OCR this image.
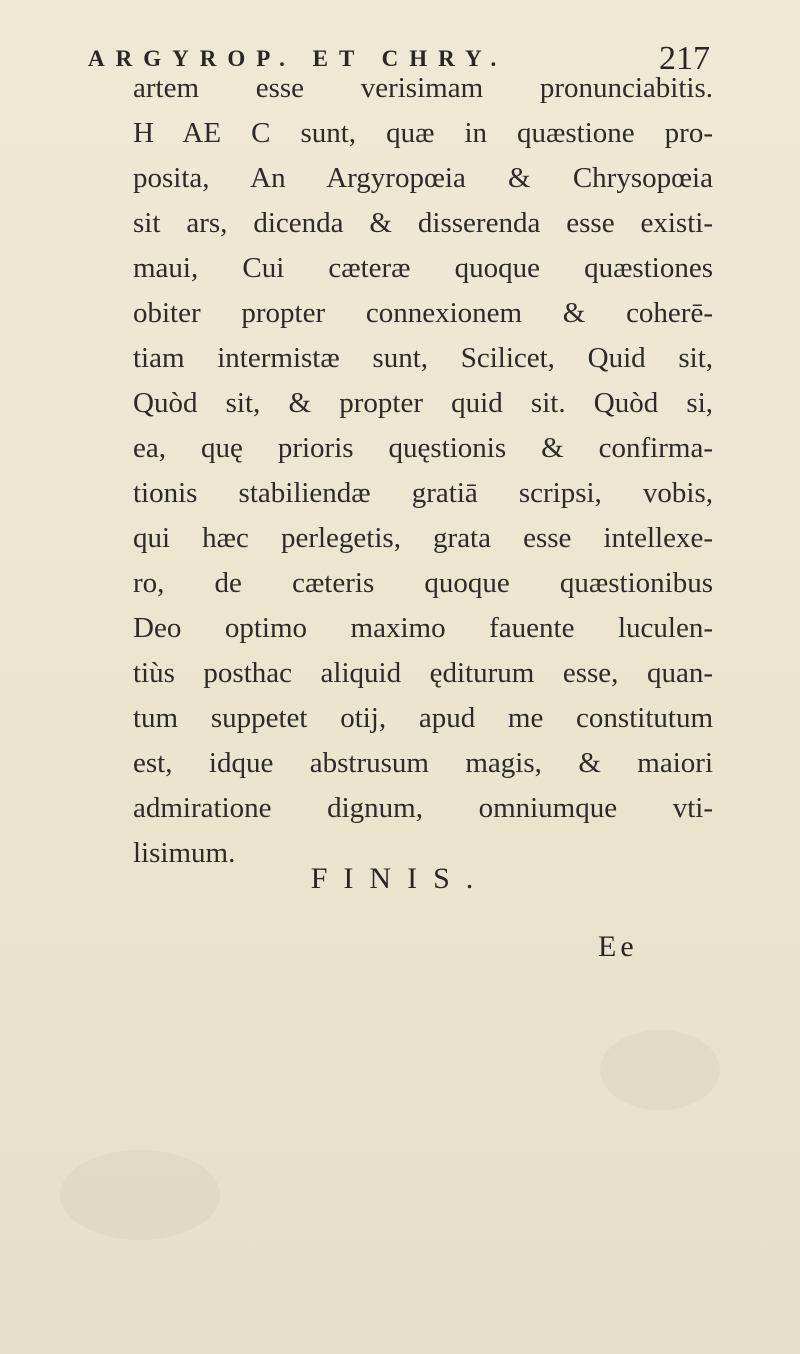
ARGYROP. ET CHRY.	217
artem esse verisimam pronunciabitis.
H AE C sunt, quæ in quæstione pro-
posita, An Argyropœia & Chrysopœia
sit ars, dicenda & disserenda esse existi-
maui, Cui cæteræ quoque quæstiones
obiter propter connexionem & coherē-
tiam intermistæ sunt, Scilicet, Quid sit,
Quòd sit, & propter quid sit. Quòd si,
ea, quę prioris quęstionis & confirma-
tionis stabiliendæ gratiā scripsi, vobis,
qui hæc perlegetis, grata esse intellexe-
ro, de cæteris quoque quæstionibus
Deo optimo maximo fauente luculen-
tiùs posthac aliquid ęditurum esse, quan-
tum suppetet otij, apud me constitutum
est, idque abstrusum magis, & maiori
admiratione dignum, omniumque vti-
lisimum.
FINIS.
Ee
